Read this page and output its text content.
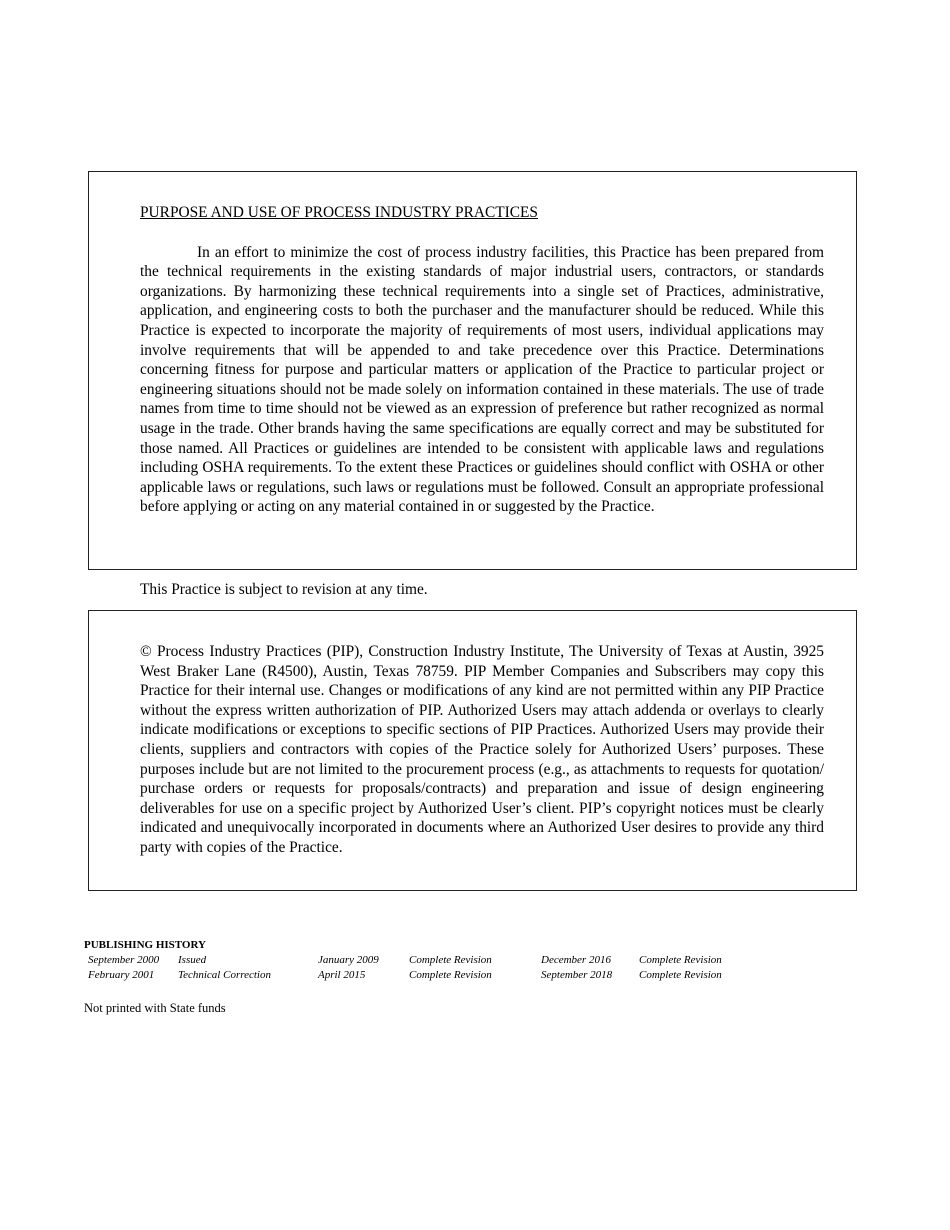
PURPOSE AND USE OF PROCESS INDUSTRY PRACTICES

In an effort to minimize the cost of process industry facilities, this Practice has been prepared from the technical requirements in the existing standards of major industrial users, contractors, or standards organizations. By harmonizing these technical requirements into a single set of Practices, administrative, application, and engineering costs to both the purchaser and the manufacturer should be reduced. While this Practice is expected to incorporate the majority of requirements of most users, individual applications may involve requirements that will be appended to and take precedence over this Practice. Determinations concerning fitness for purpose and particular matters or application of the Practice to particular project or engineering situations should not be made solely on information contained in these materials. The use of trade names from time to time should not be viewed as an expression of preference but rather recognized as normal usage in the trade. Other brands having the same specifications are equally correct and may be substituted for those named. All Practices or guidelines are intended to be consistent with applicable laws and regulations including OSHA requirements. To the extent these Practices or guidelines should conflict with OSHA or other applicable laws or regulations, such laws or regulations must be followed. Consult an appropriate professional before applying or acting on any material contained in or suggested by the Practice.

This Practice is subject to revision at any time.

© Process Industry Practices (PIP), Construction Industry Institute, The University of Texas at Austin, 3925 West Braker Lane (R4500), Austin, Texas 78759. PIP Member Companies and Subscribers may copy this Practice for their internal use. Changes or modifications of any kind are not permitted within any PIP Practice without the express written authorization of PIP. Authorized Users may attach addenda or overlays to clearly indicate modifications or exceptions to specific sections of PIP Practices. Authorized Users may provide their clients, suppliers and contractors with copies of the Practice solely for Authorized Users’ purposes. These purposes include but are not limited to the procurement process (e.g., as attachments to requests for quotation/ purchase orders or requests for proposals/contracts) and preparation and issue of design engineering deliverables for use on a specific project by Authorized User’s client. PIP’s copyright notices must be clearly indicated and unequivocally incorporated in documents where an Authorized User desires to provide any third party with copies of the Practice.

PUBLISHING HISTORY

September 2000	Issued	January 2009	Complete Revision	December 2016	Complete Revision
February 2001	Technical Correction	April 2015	Complete Revision	September 2018	Complete Revision

Not printed with State funds
